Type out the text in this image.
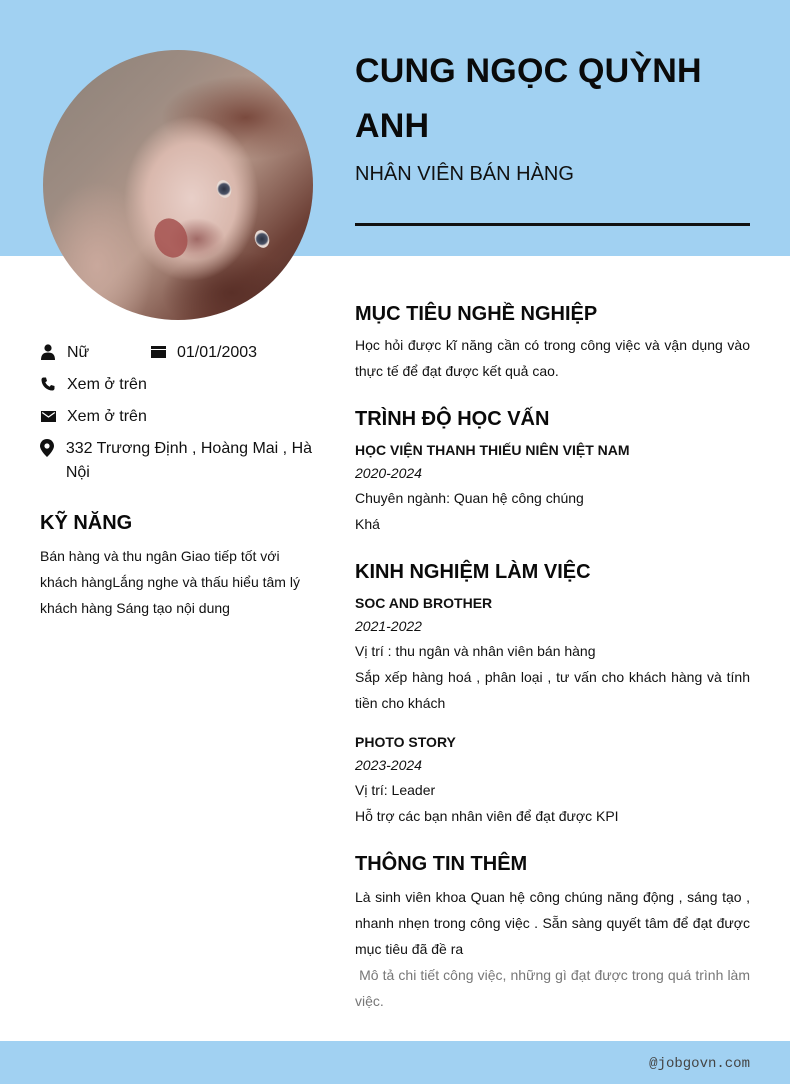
CUNG NGỌC QUỲNH ANH
NHÂN VIÊN BÁN HÀNG
Nữ	01/01/2003
Xem ở trên
Xem ở trên
332 Trương Định , Hoàng Mai , Hà Nội
KỸ NĂNG
Bán hàng và thu ngân Giao tiếp tốt với khách hàngLắng nghe và thấu hiểu tâm lý khách hàng Sáng tạo nội dung
MỤC TIÊU NGHỀ NGHIỆP
Học hỏi được kĩ năng cần có trong công việc và vận dụng vào thực tế để đạt được kết quả cao.
TRÌNH ĐỘ HỌC VẤN
HỌC VIỆN THANH THIẾU NIÊN VIỆT NAM
2020-2024
Chuyên ngành: Quan hệ công chúng
Khá
KINH NGHIỆM LÀM VIỆC
SOC AND BROTHER
2021-2022
Vị trí : thu ngân và nhân viên bán hàng
Sắp xếp hàng hoá , phân loại , tư vấn cho khách hàng và tính tiền cho khách
PHOTO STORY
2023-2024
Vị trí: Leader
Hỗ trợ các bạn nhân viên để đạt được KPI
THÔNG TIN THÊM
Là sinh viên khoa Quan hệ công chúng năng động , sáng tạo , nhanh nhẹn trong công việc . Sẵn sàng quyết tâm để đạt được mục tiêu đã đề ra
Mô tả chi tiết công việc, những gì đạt được trong quá trình làm việc.
@jobgovn.com
